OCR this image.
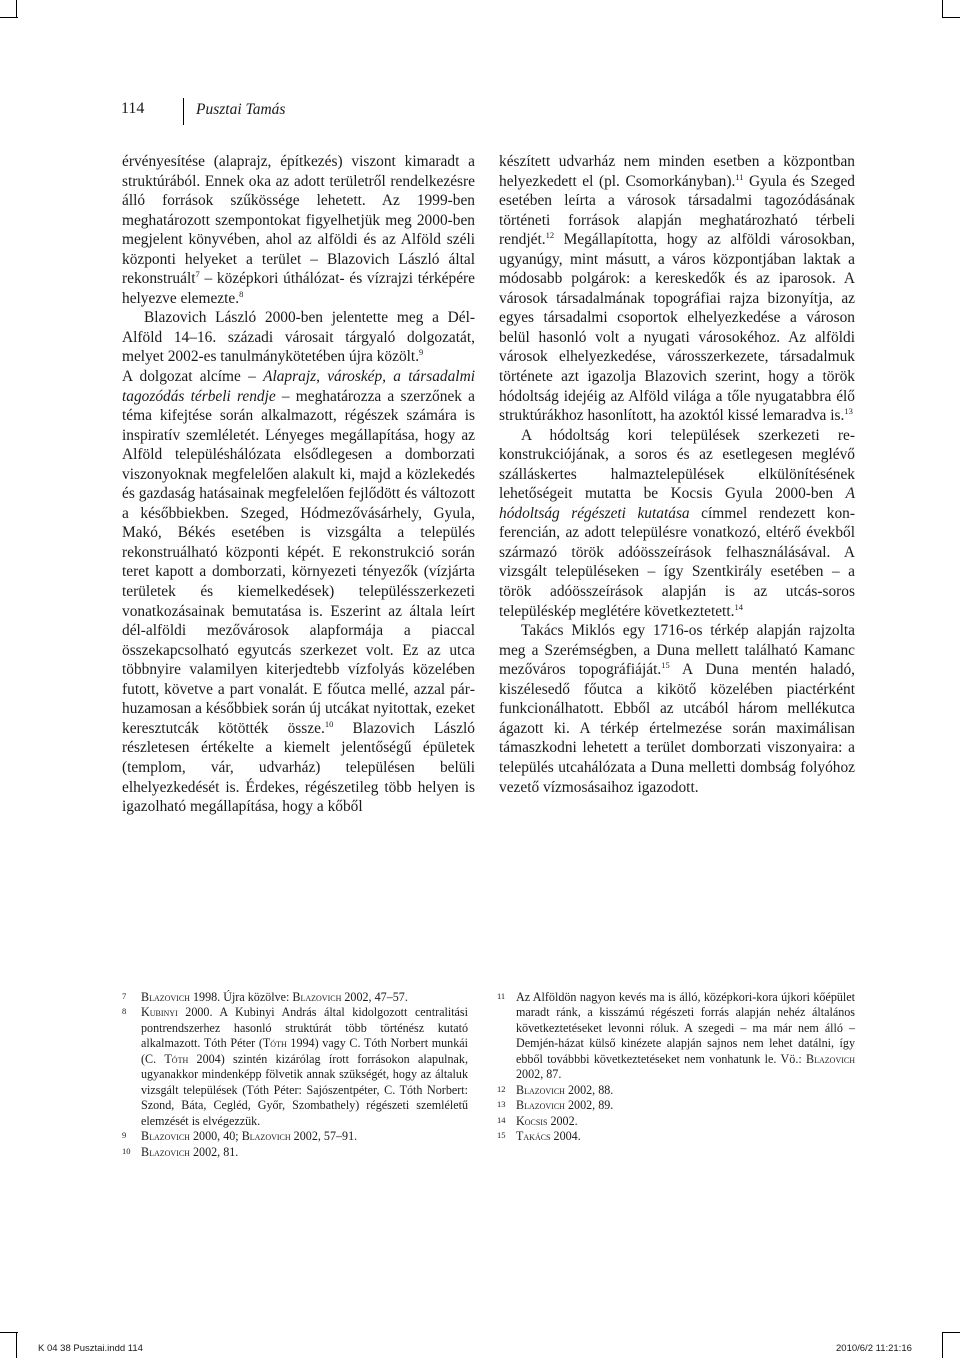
114	Pusztai Tamás

érvényesítése (alaprajz, építkezés) viszont kimaradt a struktúrából. Ennek oka az adott területről rendelkezésre álló források szűkössége lehetett. Az 1999-ben meghatározott szempontokat figyelhetjük meg 2000-ben megjelent könyvében, ahol az alföldi és az Alföld széli központi helyeket a terület – Blazovich László által rekonstruált$^7$ – középkori úthálózat- és vízrajzi térképére helyezve elemezte.$^8$

Blazovich László 2000-ben jelentette meg a Dél-Alföld 14–16. századi városait tárgyaló dolgozatát, melyet 2002-es tanulmánykötetében újra közölt.$^9$

A dolgozat alcíme – Alaprajz, városkép, a társadalmi tagozódás térbeli rendje – meghatározza a szerzőnek a téma kifejtése során alkalmazott, régészek számára is inspiratív szemléletét. Lényeges megállapítása, hogy az Alföld településhálózata elsődlegesen a domborzati viszonyoknak megfelelően alakult ki, majd a közlekedés és gazdaság hatásainak megfelelően fejlődött és változott a későbbiekben. Szeged, Hódmezővásárhely, Gyula, Makó, Békés esetében is vizsgálta a település rekonstruálható központi képét. E rekonstrukció során teret kapott a domborzati, környezeti tényezők (vízjárta területek és kiemelkedések) településszerkezeti vonatkozásainak bemutatása is. Eszerint az általa leírt dél-alföldi mezővárosok alapformája a piaccal összekapcsolható egyutcás szerkezet volt. Ez az utca többnyire valamilyen kiterjedtebb vízfolyás közelében futott, követve a part vonalát. E főutca mellé, azzal párhuzamosan a későbbiek során új utcákat nyitottak, ezeket keresztutcák kötötték össze.$^{10}$ Blazovich László részletesen értékelte a kiemelt jelentőségű épületek (templom, vár, udvarház) településen belüli elhelyezkedését is. Érdekes, régészetileg több helyen is igazolható megállapítása, hogy a kőből

készített udvarház nem minden esetben a központban helyezkedett el (pl. Csomorkányban).$^{11}$ Gyula és Szeged esetében leírta a városok társadalmi tagozódásának történeti források alapján meghatározható térbeli rendjét.$^{12}$ Megállapította, hogy az alföldi városokban, ugyanúgy, mint másutt, a város központjában laktak a módosabb polgárok: a kereskedők és az iparosok. A városok társadalmának topográfiai rajza bizonyítja, az egyes társadalmi csoportok elhelyezkedése a városon belül hasonló volt a nyugati városokéhoz. Az alföldi városok elhelyezkedése, városszerkezete, társadalmuk története azt igazolja Blazovich szerint, hogy a török hódoltság idejéig az Alföld világa a tőle nyugatabbra élő struktúrákhoz hasonlított, ha azoktól kissé lemaradva is.$^{13}$

A hódoltság kori települések szerkezeti rekonstrukciójának, a soros és az esetlegesen meglévő szálláskertes halmaztelepülések elkülönítésének lehetőségeit mutatta be Kocsis Gyula 2000-ben A hódoltság régészeti kutatása címmel rendezett konferencián, az adott településre vonatkozó, eltérő évekből származó török adóösszeírások felhasználásával. A vizsgált településeken – így Szentkirály esetében – a török adóösszeírások alapján is az utcás-soros településkép meglétére következtetett.$^{14}$

Takács Miklós egy 1716-os térkép alapján rajzolta meg a Szerémségben, a Duna mellett található Kamanc mezőváros topográfiáját.$^{15}$ A Duna mentén haladó, kiszélesedő főutca a kikötő közelében piactérként funkcionálhatott. Ebből az utcából három mellékutca ágazott ki. A térkép értelmezése során maximálisan támaszkodni lehetett a terület domborzati viszonyaira: a település utcahálózata a Duna melletti dombság folyóhoz vezető vízmosásaihoz igazodott.

7 Blazovich 1998. Újra közölve: Blazovich 2002, 47–57.
8 Kubinyi 2000. A Kubinyi András által kidolgozott centralitási pontrendszerhez hasonló struktúrát több történész kutató alkalmazott. Tóth Péter (Tóth 1994) vagy C. Tóth Norbert munkái (C. Tóth 2004) szintén kizárólag írott forrásokon alapulnak, ugyanakkor mindenképp fölvetik annak szükségét, hogy az általuk vizsgált települések (Tóth Péter: Sajószentpéter, C. Tóth Norbert: Szond, Báta, Cegléd, Győr, Szombathely) régészeti szemléletű elemzését is elvégezzük.
9 Blazovich 2000, 40; Blazovich 2002, 57–91.
10 Blazovich 2002, 81.
11 Az Alföldön nagyon kevés ma is álló, középkori-kora újkori kőépület maradt ránk, a kisszámú régészeti forrás alapján nehéz általános következtetéseket levonni róluk. A szegedi – ma már nem álló – Demjén-házat külső kinézete alapján sajnos nem lehet datálni, így ebből továbbbi következtetéseket nem vonhatunk le. Vö.: Blazovich 2002, 87.
12 Blazovich 2002, 88.
13 Blazovich 2002, 89.
14 Kocsis 2002.
15 Takács 2004.
K 04 38 Pusztai.indd 114	2010/6/2 11:21:16
